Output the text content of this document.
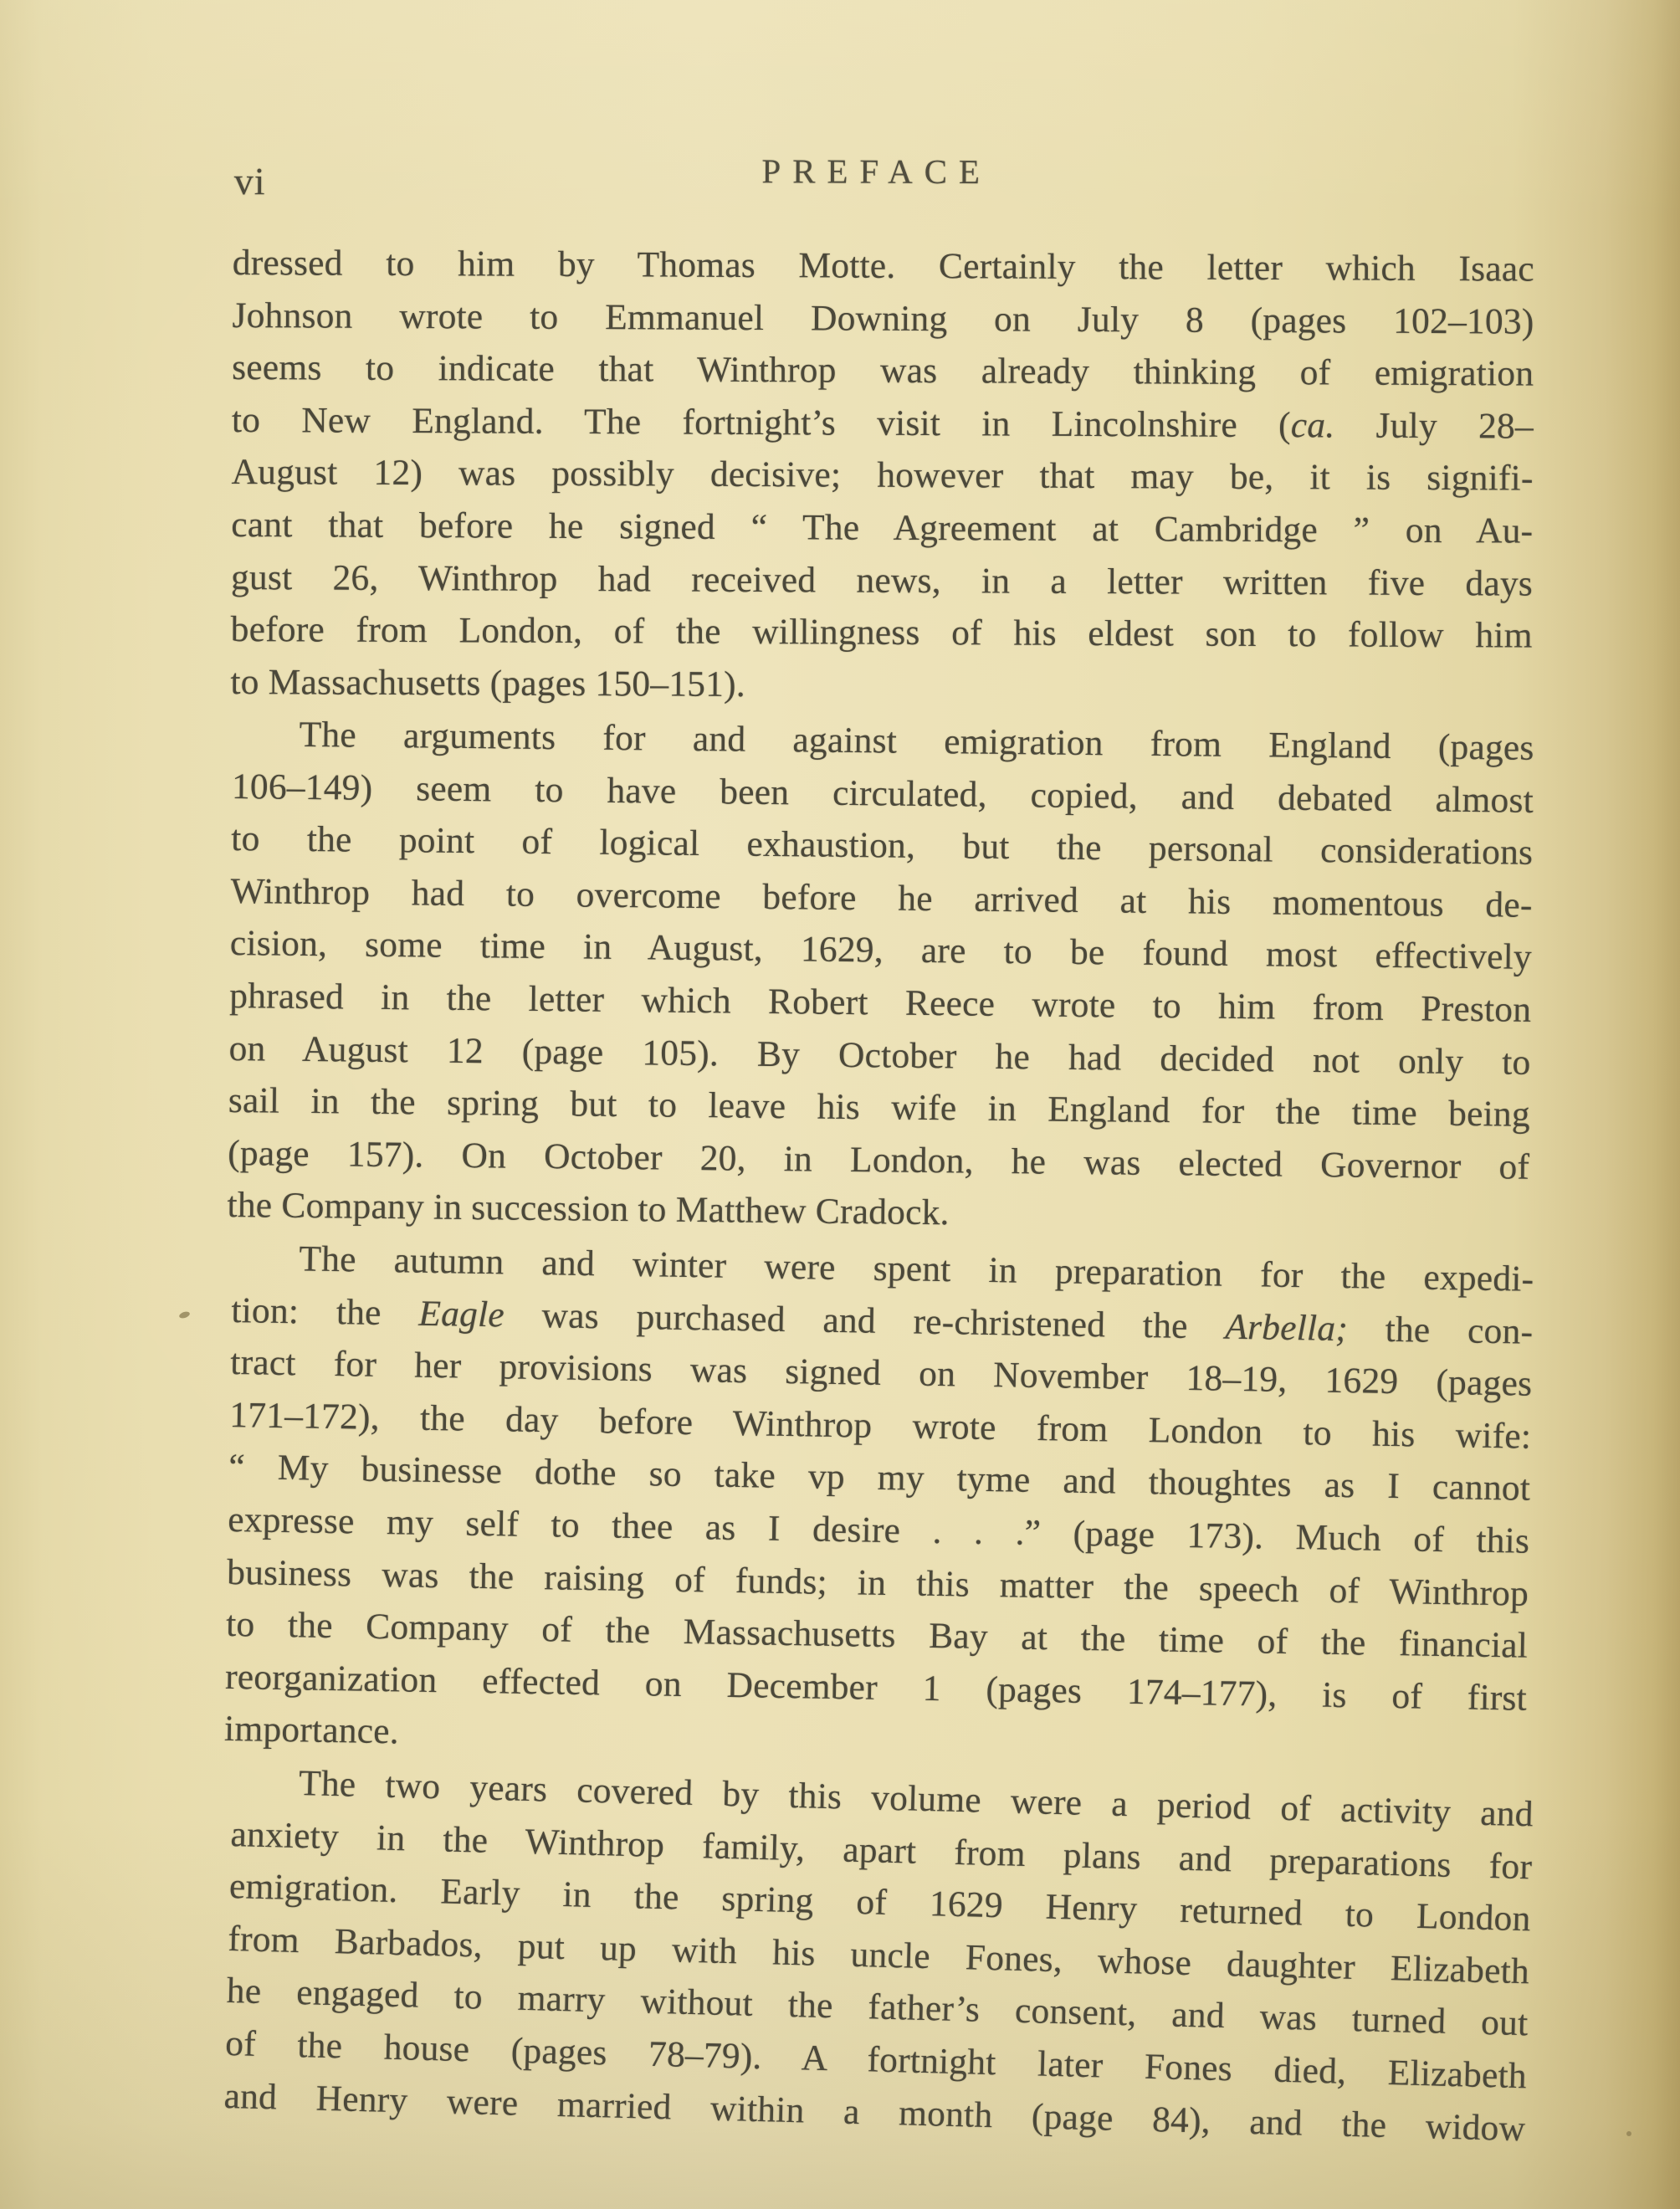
vi	PREFACE
dressed to him by Thomas Motte. Certainly the letter which Isaac
Johnson wrote to Emmanuel Downing on July 8 (pages 102–103)
seems to indicate that Winthrop was already thinking of emigration
to New England. The fortnight’s visit in Lincolnshire (ca. July 28–
August 12) was possibly decisive; however that may be, it is signifi-
cant that before he signed “ The Agreement at Cambridge ” on Au-
gust 26, Winthrop had received news, in a letter written five days
before from London, of the willingness of his eldest son to follow him
to Massachusetts (pages 150–151).
The arguments for and against emigration from England (pages
106–149) seem to have been circulated, copied, and debated almost
to the point of logical exhaustion, but the personal considerations
Winthrop had to overcome before he arrived at his momentous de-
cision, some time in August, 1629, are to be found most effectively
phrased in the letter which Robert Reece wrote to him from Preston
on August 12 (page 105). By October he had decided not only to
sail in the spring but to leave his wife in England for the time being
(page 157). On October 20, in London, he was elected Governor of
the Company in succession to Matthew Cradock.
The autumn and winter were spent in preparation for the expedi-
tion: the Eagle was purchased and re-christened the Arbella; the con-
tract for her provisions was signed on November 18–19, 1629 (pages
171–172), the day before Winthrop wrote from London to his wife:
“ My businesse dothe so take vp my tyme and thoughtes as I cannot
expresse my self to thee as I desire . . .” (page 173). Much of this
business was the raising of funds; in this matter the speech of Winthrop
to the Company of the Massachusetts Bay at the time of the financial
reorganization effected on December 1 (pages 174–177), is of first
importance.
The two years covered by this volume were a period of activity and
anxiety in the Winthrop family, apart from plans and preparations for
emigration. Early in the spring of 1629 Henry returned to London
from Barbados, put up with his uncle Fones, whose daughter Elizabeth
he engaged to marry without the father’s consent, and was turned out
of the house (pages 78–79). A fortnight later Fones died, Elizabeth
and Henry were married within a month (page 84), and the widow
